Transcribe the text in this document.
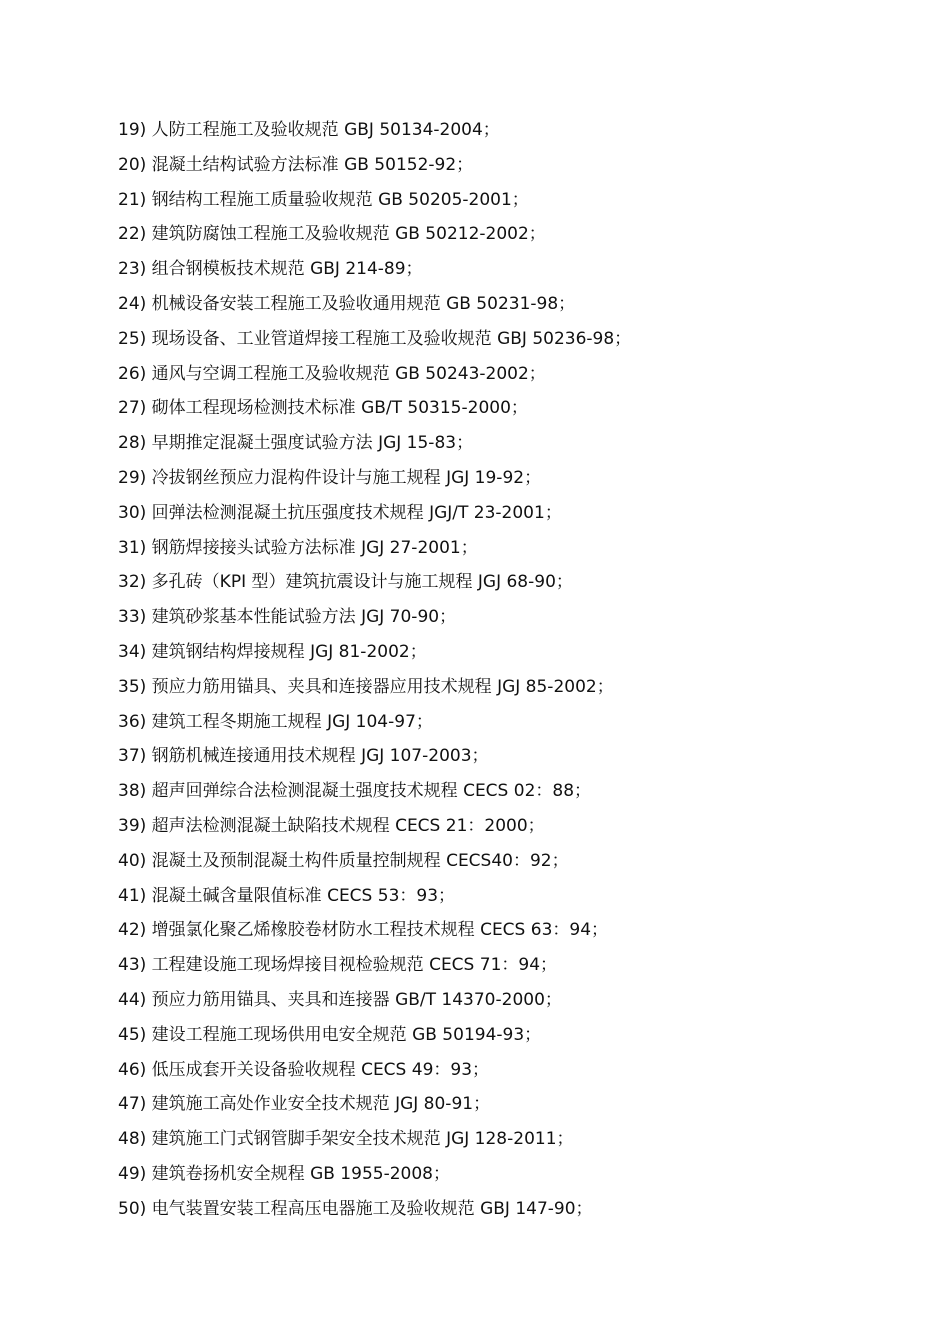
19) 人防工程施工及验收规范 GBJ 50134-2004；
20) 混凝土结构试验方法标准 GB 50152-92；
21) 钢结构工程施工质量验收规范 GB 50205-2001；
22) 建筑防腐蚀工程施工及验收规范 GB 50212-2002；
23) 组合钢模板技术规范 GBJ 214-89；
24) 机械设备安装工程施工及验收通用规范 GB 50231-98；
25) 现场设备、工业管道焊接工程施工及验收规范 GBJ 50236-98；
26) 通风与空调工程施工及验收规范 GB 50243-2002；
27) 砌体工程现场检测技术标准 GB/T 50315-2000；
28) 早期推定混凝土强度试验方法 JGJ 15-83；
29) 冷拔钢丝预应力混构件设计与施工规程 JGJ 19-92；
30) 回弹法检测混凝土抗压强度技术规程 JGJ/T 23-2001；
31) 钢筋焊接接头试验方法标准 JGJ 27-2001；
32) 多孔砖（KPI 型）建筑抗震设计与施工规程 JGJ 68-90；
33) 建筑砂浆基本性能试验方法 JGJ 70-90；
34) 建筑钢结构焊接规程 JGJ 81-2002；
35) 预应力筋用锚具、夹具和连接器应用技术规程 JGJ 85-2002；
36) 建筑工程冬期施工规程 JGJ 104-97；
37) 钢筋机械连接通用技术规程 JGJ 107-2003；
38) 超声回弹综合法检测混凝土强度技术规程 CECS 02：88；
39) 超声法检测混凝土缺陷技术规程 CECS 21：2000；
40) 混凝土及预制混凝土构件质量控制规程 CECS40：92；
41) 混凝土碱含量限值标准 CECS 53：93；
42) 增强氯化聚乙烯橡胶卷材防水工程技术规程 CECS 63：94；
43) 工程建设施工现场焊接目视检验规范 CECS 71：94；
44) 预应力筋用锚具、夹具和连接器 GB/T 14370-2000；
45) 建设工程施工现场供用电安全规范 GB 50194-93；
46) 低压成套开关设备验收规程 CECS 49：93；
47) 建筑施工高处作业安全技术规范 JGJ 80-91；
48) 建筑施工门式钢管脚手架安全技术规范 JGJ 128-2011；
49) 建筑卷扬机安全规程 GB 1955-2008；
50) 电气装置安装工程高压电器施工及验收规范 GBJ 147-90；
